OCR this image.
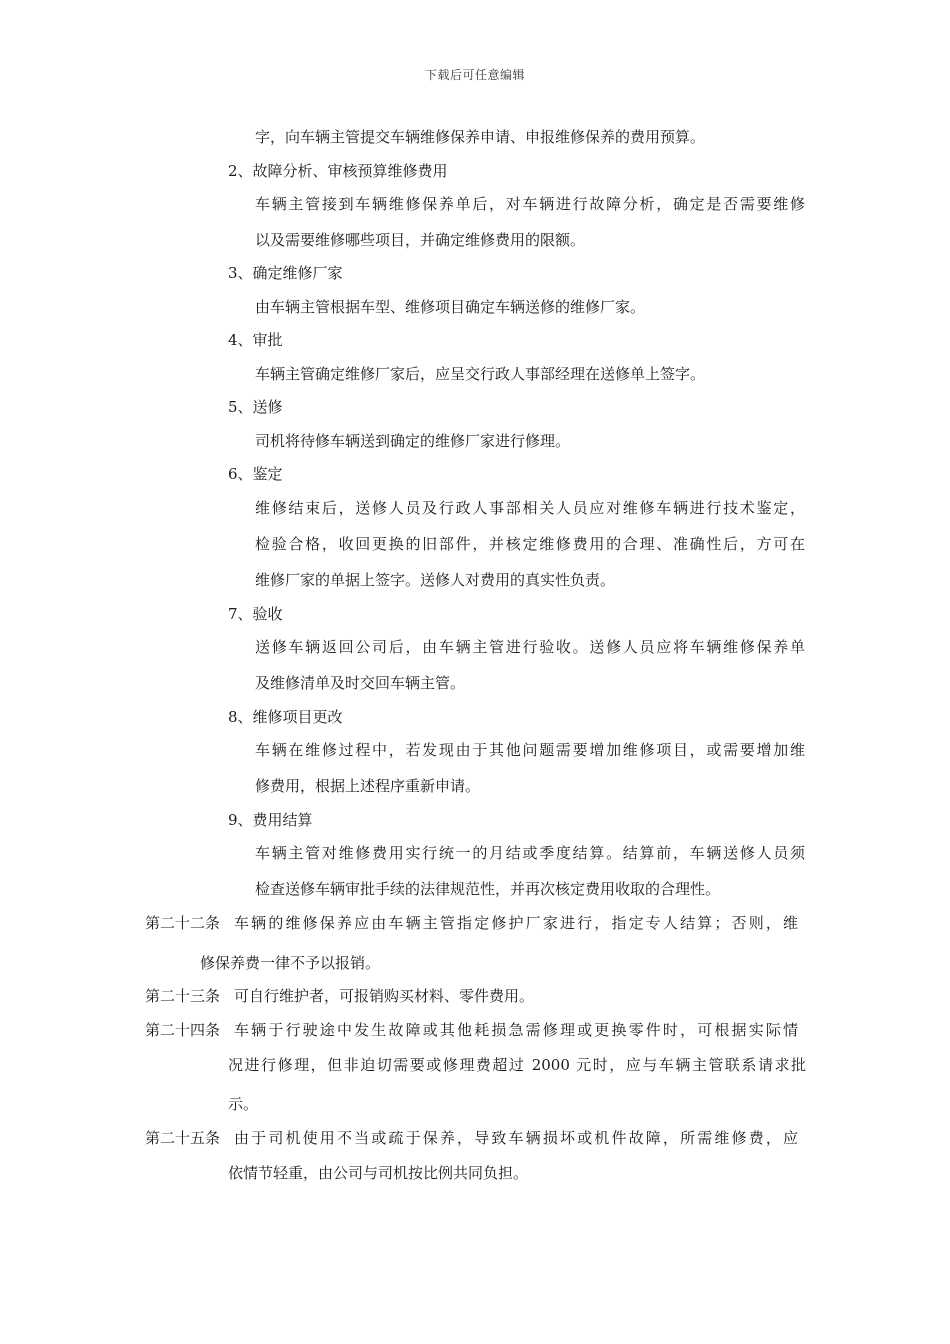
下载后可任意编辑
字，向车辆主管提交车辆维修保养申请、申报维修保养的费用预算。
2、故障分析、审核预算维修费用
车辆主管接到车辆维修保养单后，对车辆进行故障分析，确定是否需要维修
以及需要维修哪些项目，并确定维修费用的限额。
3、确定维修厂家
由车辆主管根据车型、维修项目确定车辆送修的维修厂家。
4、审批
车辆主管确定维修厂家后，应呈交行政人事部经理在送修单上签字。
5、送修
司机将待修车辆送到确定的维修厂家进行修理。
6、鉴定
维修结束后，送修人员及行政人事部相关人员应对维修车辆进行技术鉴定，
检验合格，收回更换的旧部件，并核定维修费用的合理、准确性后，方可在
维修厂家的单据上签字。送修人对费用的真实性负责。
7、验收
送修车辆返回公司后，由车辆主管进行验收。送修人员应将车辆维修保养单
及维修清单及时交回车辆主管。
8、维修项目更改
车辆在维修过程中，若发现由于其他问题需要增加维修项目，或需要增加维
修费用，根据上述程序重新申请。
9、费用结算
车辆主管对维修费用实行统一的月结或季度结算。结算前，车辆送修人员须
检查送修车辆审批手续的法律规范性，并再次核定费用收取的合理性。
第二十二条 车辆的维修保养应由车辆主管指定修护厂家进行，指定专人结算；否则，维
修保养费一律不予以报销。
第二十三条 可自行维护者，可报销购买材料、零件费用。
第二十四条 车辆于行驶途中发生故障或其他耗损急需修理或更换零件时，可根据实际情
况进行修理，但非迫切需要或修理费超过 2000 元时，应与车辆主管联系请求批
示。
第二十五条 由于司机使用不当或疏于保养，导致车辆损坏或机件故障，所需维修费，应
依情节轻重，由公司与司机按比例共同负担。
